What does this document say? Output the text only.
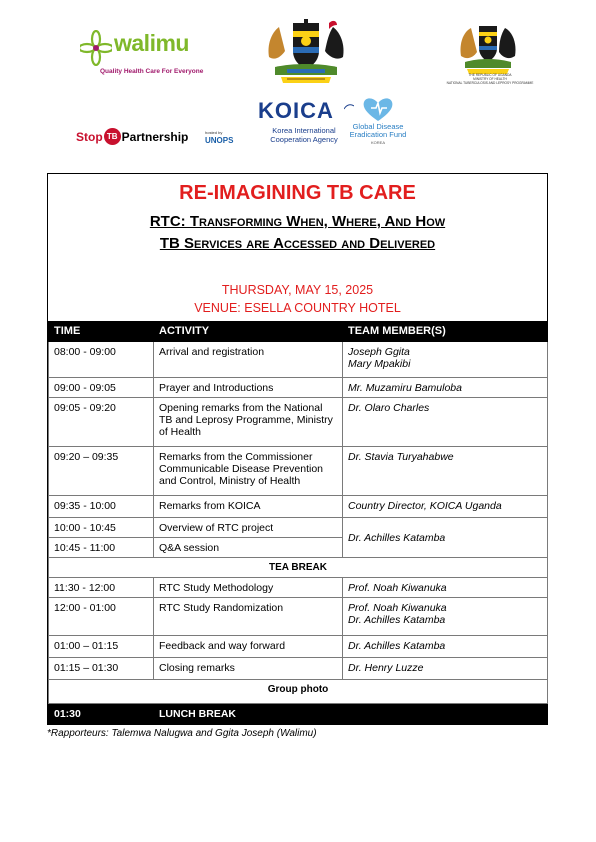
walimu
Quality Health Care For Everyone	THE REPUBLIC OF UGANDA
MINISTRY OF HEALTH
NATIONAL TUBERCULOSIS AND LEPROSY PROGRAMME
Stop TB Partnership	hosted by
UNOPS
KOICA
Korea International
Cooperation Agency
Global Disease
Eradication Fund
KOREA
RE-IMAGINING TB CARE
RTC: Transforming When, Where, And How
TB Services are Accessed and Delivered
THURSDAY, MAY 15, 2025
VENUE: ESELLA COUNTRY HOTEL
TIME	ACTIVITY	TEAM MEMBER(S)
08:00 - 09:00	Arrival and registration	Joseph Ggita
Mary Mpakibi

09:00 - 09:05	Prayer and Introductions	Mr. Muzamiru Bamuloba

09:05 - 09:20	Opening remarks from the National TB and Leprosy Programme, Ministry of Health	Dr. Olaro Charles

09:20 – 09:35	Remarks from the Commissioner Communicable Disease Prevention and Control, Ministry of Health	Dr. Stavia Turyahabwe

09:35 - 10:00	Remarks from KOICA	Country Director, KOICA Uganda

10:00 - 10:45	Overview of RTC project	Dr. Achilles Katamba

10:45 - 11:00	Q&A session	
TEA BREAK		
11:30 - 12:00	RTC Study Methodology	Prof. Noah Kiwanuka

12:00 - 01:00	RTC Study Randomization	Prof. Noah Kiwanuka
Dr. Achilles Katamba

01:00 – 01:15	Feedback and way forward	Dr. Achilles Katamba

01:15 – 01:30	Closing remarks	Dr. Henry Luzze

Group photo		
01:30	LUNCH BREAK	
*Rapporteurs: Talemwa Nalugwa and Ggita Joseph (Walimu)
